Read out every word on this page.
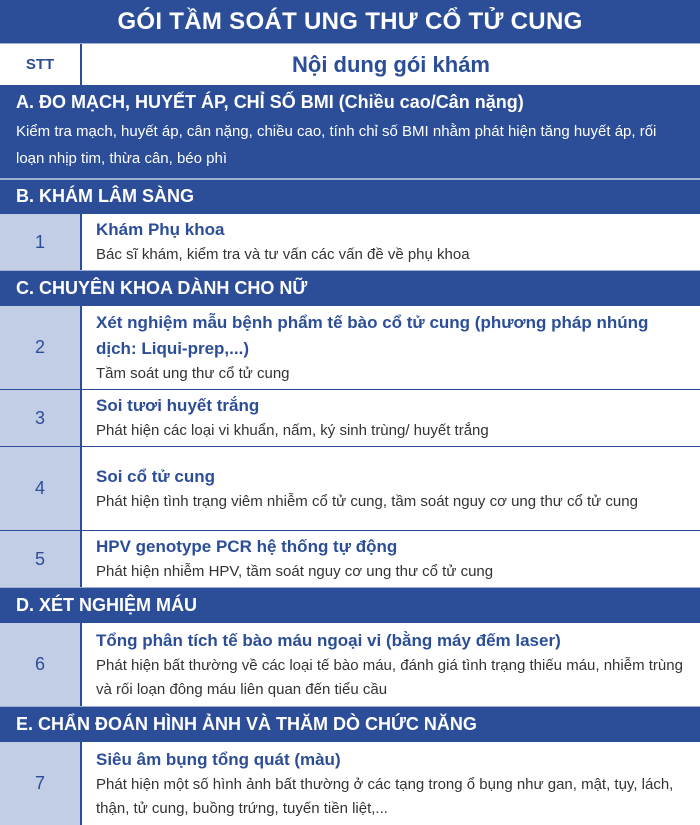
GÓI TẦM SOÁT UNG THƯ CỔ TỬ CUNG
STT	Nội dung gói khám
A. ĐO MẠCH, HUYẾT ÁP, CHỈ SỐ BMI (Chiều cao/Cân nặng)
Kiểm tra mạch, huyết áp, cân nặng, chiều cao, tính chỉ số BMI nhằm phát hiện tăng huyết áp, rối loạn nhịp tim, thừa cân, béo phì
B. KHÁM LÂM SÀNG
1
Khám Phụ khoa
Bác sĩ khám, kiểm tra và tư vấn các vấn đề về phụ khoa
C. CHUYÊN KHOA DÀNH CHO NỮ
2
Xét nghiệm mẫu bệnh phẩm tế bào cổ tử cung (phương pháp nhúng dịch: Liqui-prep,...)
Tầm soát ung thư cổ tử cung
3
Soi tươi huyết trắng
Phát hiện các loại vi khuẩn, nấm, ký sinh trùng/ huyết trắng
4
Soi cổ tử cung
Phát hiện tình trạng viêm nhiễm cổ tử cung, tầm soát nguy cơ ung thư cổ tử cung
5
HPV genotype PCR hệ thống tự động
Phát hiện nhiễm HPV, tầm soát nguy cơ ung thư cổ tử cung
D. XÉT NGHIỆM MÁU
6
Tổng phân tích tế bào máu ngoại vi (bằng máy đếm laser)
Phát hiện bất thường về các loại tế bào máu, đánh giá tình trạng thiếu máu, nhiễm trùng và rối loạn đông máu liên quan đến tiểu cầu
E. CHẨN ĐOÁN HÌNH ẢNH VÀ THĂM DÒ CHỨC NĂNG
7
Siêu âm bụng tổng quát (màu)
Phát hiện một số hình ảnh bất thường ở các tạng trong ổ bụng như gan, mật, tụy, lách, thận, tử cung, buồng trứng, tuyến tiền liệt,...
